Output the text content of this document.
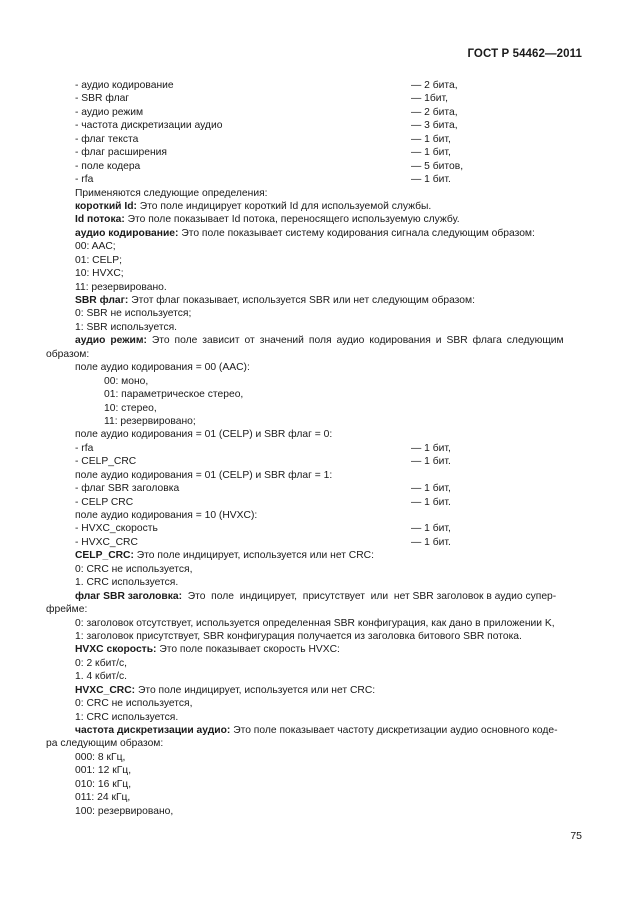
ГОСТ Р 54462—2011
- аудио кодирование	— 2 бита,
- SBR флаг	— 1бит,
- аудио режим	— 2 бита,
- частота дискретизации аудио	— 3 бита,
- флаг текста	— 1 бит,
- флаг расширения	— 1 бит,
- поле кодера	— 5 битов,
- rfa	— 1 бит.
Применяются следующие определения:
короткий Id: Это поле индицирует короткий Id для используемой службы.
Id потока: Это поле показывает Id потока, переносящего используемую службу.
аудио кодирование: Это поле показывает систему кодирования сигнала следующим образом:
00: AAC;
01: CELP;
10: HVXC;
11: резервировано.
SBR флаг: Этот флаг показывает, используется SBR или нет следующим образом:
0: SBR не используется;
1: SBR используется.
аудио режим: Это поле зависит от значений поля аудио кодирования и SBR флага следующим
образом:
поле аудио кодирования = 00 (AAC):
00: моно,
01: параметрическое стерео,
10: стерео,
11: резервировано;
поле аудио кодирования = 01 (CELP) и SBR флаг = 0:
- rfa	— 1 бит,
- CELP_CRC	— 1 бит.
поле аудио кодирования = 01 (CELP) и SBR флаг = 1:
- флаг SBR заголовка	— 1 бит,
- CELP CRC	— 1 бит.
поле аудио кодирования = 10 (HVXC):
- HVXC_скорость	— 1 бит,
- HVXC_CRC	— 1 бит.
CELP_CRC: Это поле индицирует, используется или нет CRC:
0: CRC не используется,
1. CRC используется.
флаг SBR заголовка:  Это  поле  индицирует,  присутствует  или  нет SBR заголовок в аудио супер-
фрейме:
0: заголовок отсутствует, используется определенная SBR конфигурация, как дано в приложении K,
1: заголовок присутствует, SBR конфигурация получается из заголовка битового SBR потока.
HVXC скорость: Это поле показывает скорость HVXC:
0: 2 кбит/с,
1. 4 кбит/с.
HVXC_CRC: Это поле индицирует, используется или нет CRC:
0: CRC не используется,
1: CRC используется.
частота дискретизации аудио: Это поле показывает частоту дискретизации аудио основного коде-
ра следующим образом:
000: 8 кГц,
001: 12 кГц,
010: 16 кГц,
011: 24 кГц,
100: резервировано,
75
